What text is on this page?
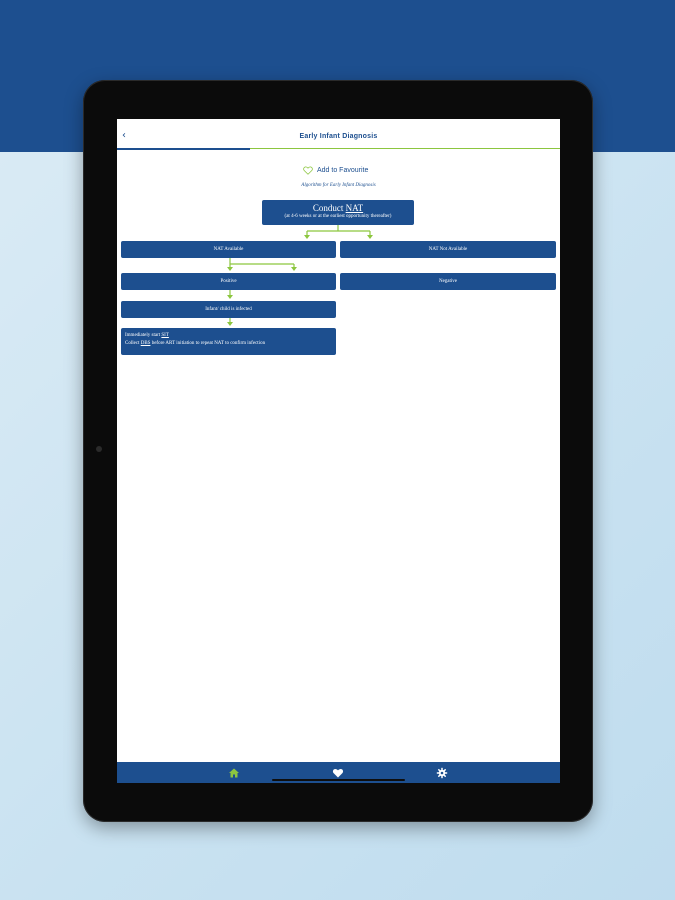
‹	Early Infant Diagnosis
Add to Favourite
Algorithm for Early Infant Diagnosis
Conduct NAT
(at 4-6 weeks or at the earliest opportunity thereafter)
NAT Available	NAT Not Available
Positive	Negative
Infant/ child is infected
Immediately start SIT
Collect DBS before ART initiation to repeat NAT to confirm infection
